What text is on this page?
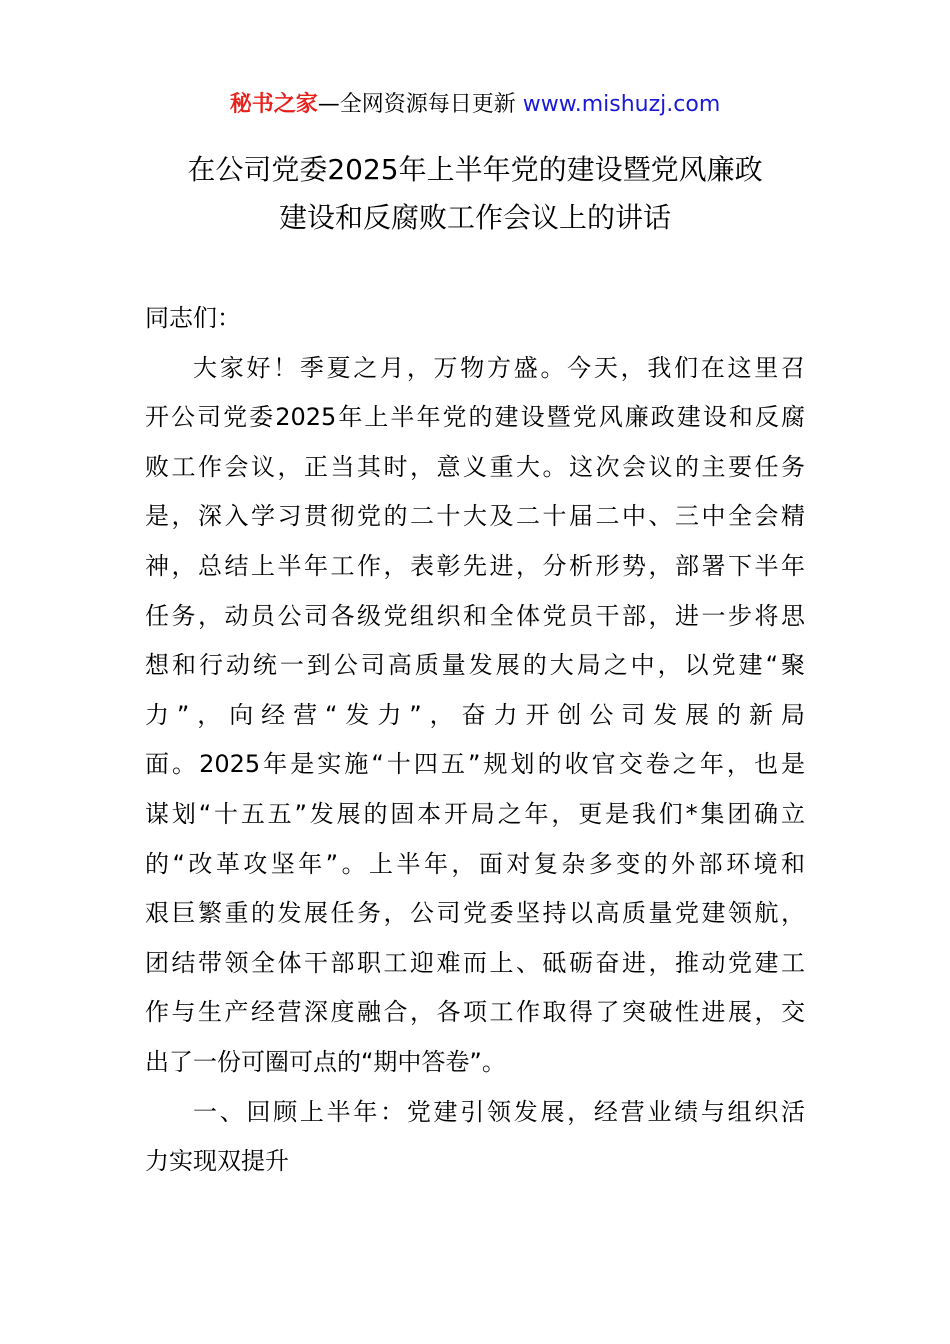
秘书之家—全网资源每日更新 www.mishuzj.com
在公司党委2025年上半年党的建设暨党风廉政
建设和反腐败工作会议上的讲话
同志们：
大家好！季夏之月，万物方盛。今天，我们在这里召
开公司党委2025年上半年党的建设暨党风廉政建设和反腐
败工作会议，正当其时，意义重大。这次会议的主要任务
是，深入学习贯彻党的二十大及二十届二中、三中全会精
神，总结上半年工作，表彰先进，分析形势，部署下半年
任务，动员公司各级党组织和全体党员干部，进一步将思
想和行动统一到公司高质量发展的大局之中，以党建“聚
力”，向经营“发力”，奋力开创公司发展的新局
面。2025年是实施“十四五”规划的收官交卷之年，也是
谋划“十五五”发展的固本开局之年，更是我们*集团确立
的“改革攻坚年”。上半年，面对复杂多变的外部环境和
艰巨繁重的发展任务，公司党委坚持以高质量党建领航，
团结带领全体干部职工迎难而上、砥砺奋进，推动党建工
作与生产经营深度融合，各项工作取得了突破性进展，交
出了一份可圈可点的“期中答卷”。
一、回顾上半年：党建引领发展，经营业绩与组织活
力实现双提升
